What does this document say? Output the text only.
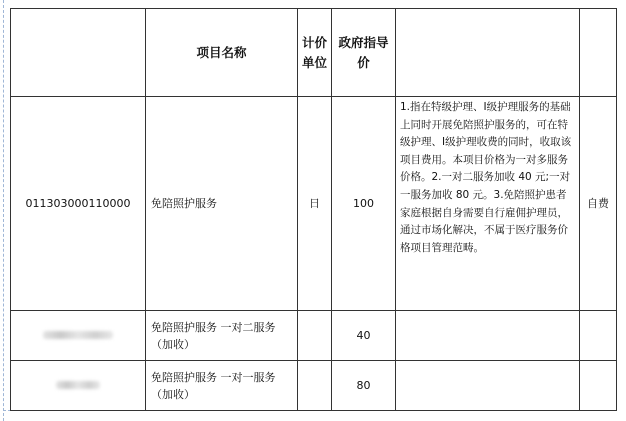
	项目名称	计价单位	政府指导价		
011303000110000	免陪照护服务	日	100	1.指在特级护理、I级护理服务的基础上同时开展免陪照护服务的，可在特级护理、I级护理收费的同时，收取该项目费用。本项目价格为一对多服务价格。2.一对二服务加收 40 元;一对一服务加收 80 元。3.免陪照护患者家庭根据自身需要自行雇佣护理员，通过市场化解决，不属于医疗服务价格项目管理范畴。	自费
	免陪照护服务 一对二服务（加收）		40		
	免陪照护服务 一对一服务（加收）		80		
